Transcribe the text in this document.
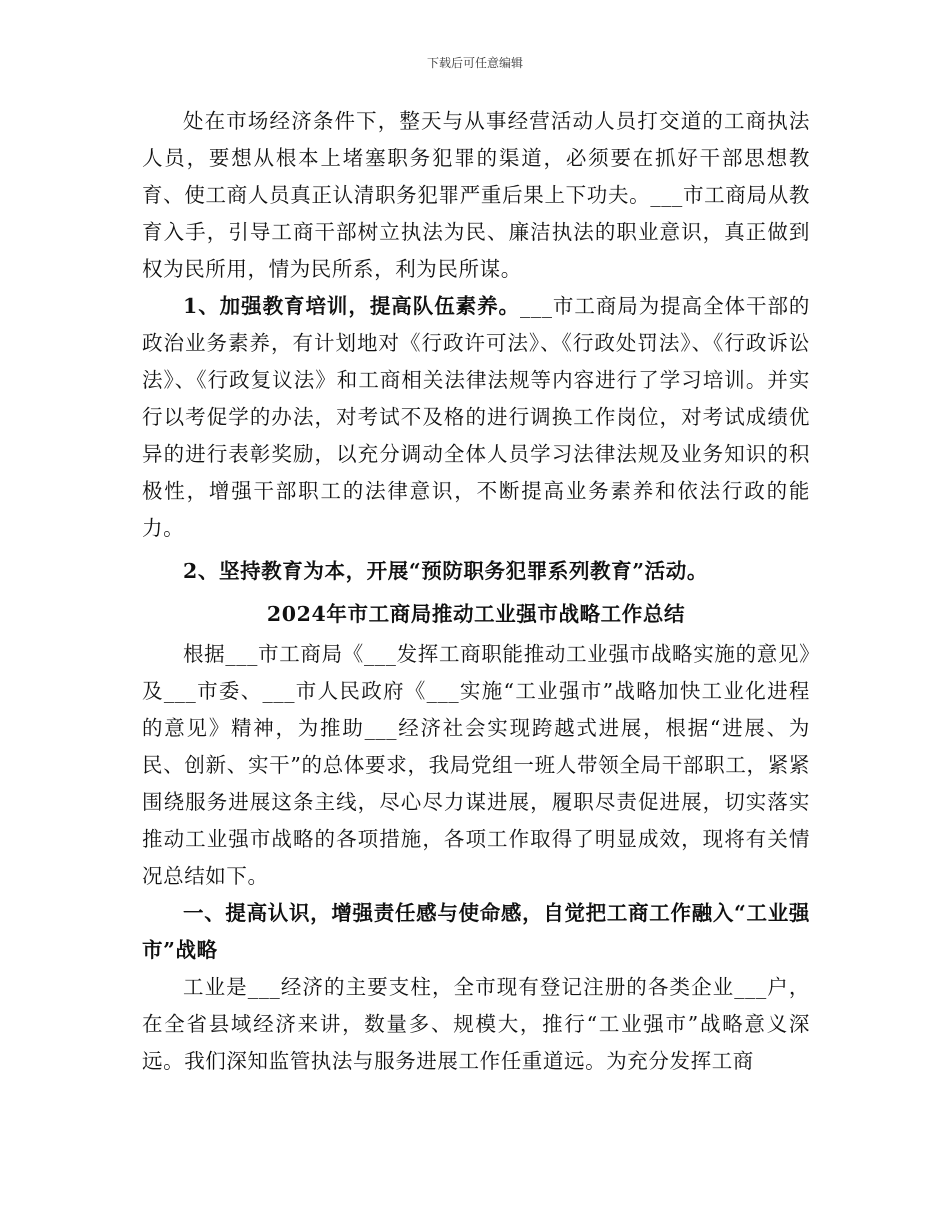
下载后可任意编辑

处在市场经济条件下，整天与从事经营活动人员打交道的工商执法人员，要想从根本上堵塞职务犯罪的渠道，必须要在抓好干部思想教育、使工商人员真正认清职务犯罪严重后果上下功夫。___市工商局从教育入手，引导工商干部树立执法为民、廉洁执法的职业意识，真正做到权为民所用，情为民所系，利为民所谋。

1、加强教育培训，提高队伍素养。___市工商局为提高全体干部的政治业务素养，有计划地对《行政许可法》、《行政处罚法》、《行政诉讼法》、《行政复议法》和工商相关法律法规等内容进行了学习培训。并实行以考促学的办法，对考试不及格的进行调换工作岗位，对考试成绩优异的进行表彰奖励，以充分调动全体人员学习法律法规及业务知识的积极性，增强干部职工的法律意识，不断提高业务素养和依法行政的能力。

2、坚持教育为本，开展“预防职务犯罪系列教育”活动。

2024年市工商局推动工业强市战略工作总结

根据___市工商局《___发挥工商职能推动工业强市战略实施的意见》及___市委、___市人民政府《___实施“工业强市”战略加快工业化进程的意见》精神，为推助___经济社会实现跨越式进展，根据“进展、为民、创新、实干”的总体要求，我局党组一班人带领全局干部职工，紧紧围绕服务进展这条主线，尽心尽力谋进展，履职尽责促进展，切实落实推动工业强市战略的各项措施，各项工作取得了明显成效，现将有关情况总结如下。

一、提高认识，增强责任感与使命感，自觉把工商工作融入“工业强市”战略

工业是___经济的主要支柱，全市现有登记注册的各类企业___户，在全省县域经济来讲，数量多、规模大，推行“工业强市”战略意义深远。我们深知监管执法与服务进展工作任重道远。为充分发挥工商
